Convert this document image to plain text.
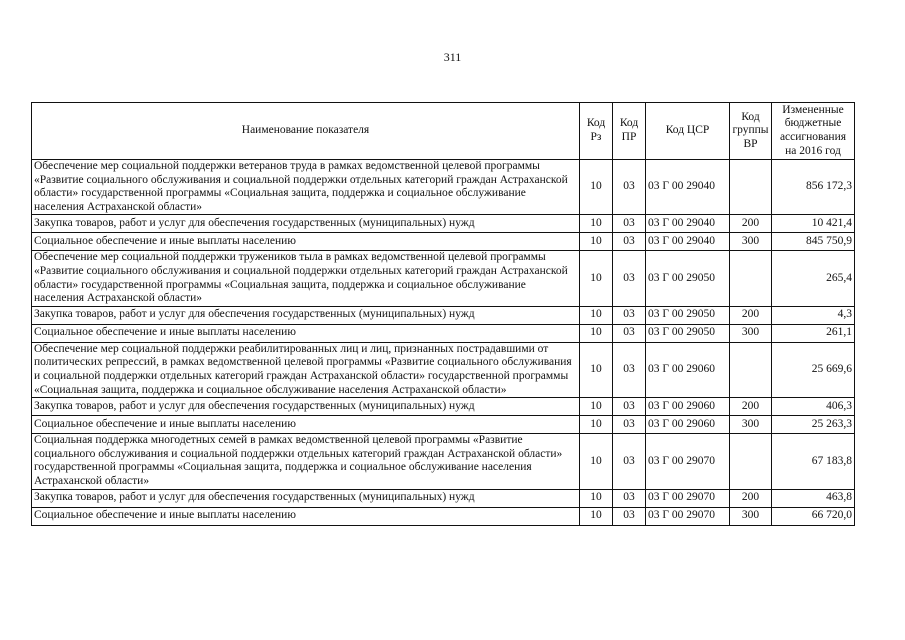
311
Наименование показателя	Код Рз	Код ПР	Код ЦСР	Код группы ВР	Измененные бюджетные ассигнования на 2016 год
Обеспечение мер социальной поддержки ветеранов труда в рамках ведомственной целевой программы «Развитие социального обслуживания и социальной поддержки отдельных категорий граждан Астраханской области» государственной программы «Социальная защита, поддержка и социальное обслуживание населения Астраханской области»	10	03	03 Г 00 29040		856 172,3
Закупка товаров, работ и услуг для обеспечения государственных (муниципальных) нужд	10	03	03 Г 00 29040	200	10 421,4
Социальное обеспечение и иные выплаты населению	10	03	03 Г 00 29040	300	845 750,9
Обеспечение мер социальной поддержки тружеников тыла в рамках ведомственной целевой программы «Развитие социального обслуживания и социальной поддержки отдельных категорий граждан Астраханской области» государственной программы «Социальная защита, поддержка и социальное обслуживание населения Астраханской области»	10	03	03 Г 00 29050		265,4
Закупка товаров, работ и услуг для обеспечения государственных (муниципальных) нужд	10	03	03 Г 00 29050	200	4,3
Социальное обеспечение и иные выплаты населению	10	03	03 Г 00 29050	300	261,1
Обеспечение мер социальной поддержки реабилитированных лиц и лиц, признанных пострадавшими от политических репрессий, в рамках ведомственной целевой программы «Развитие социального обслуживания и социальной поддержки отдельных категорий граждан Астраханской области» государственной программы «Социальная защита, поддержка и социальное обслуживание населения Астраханской области»	10	03	03 Г 00 29060		25 669,6
Закупка товаров, работ и услуг для обеспечения государственных (муниципальных) нужд	10	03	03 Г 00 29060	200	406,3
Социальное обеспечение и иные выплаты населению	10	03	03 Г 00 29060	300	25 263,3
Социальная поддержка многодетных семей в рамках ведомственной целевой программы «Развитие социального обслуживания и социальной поддержки отдельных категорий граждан Астраханской области» государственной программы «Социальная защита, поддержка и социальное обслуживание населения Астраханской области»	10	03	03 Г 00 29070		67 183,8
Закупка товаров, работ и услуг для обеспечения государственных (муниципальных) нужд	10	03	03 Г 00 29070	200	463,8
Социальное обеспечение и иные выплаты населению	10	03	03 Г 00 29070	300	66 720,0
